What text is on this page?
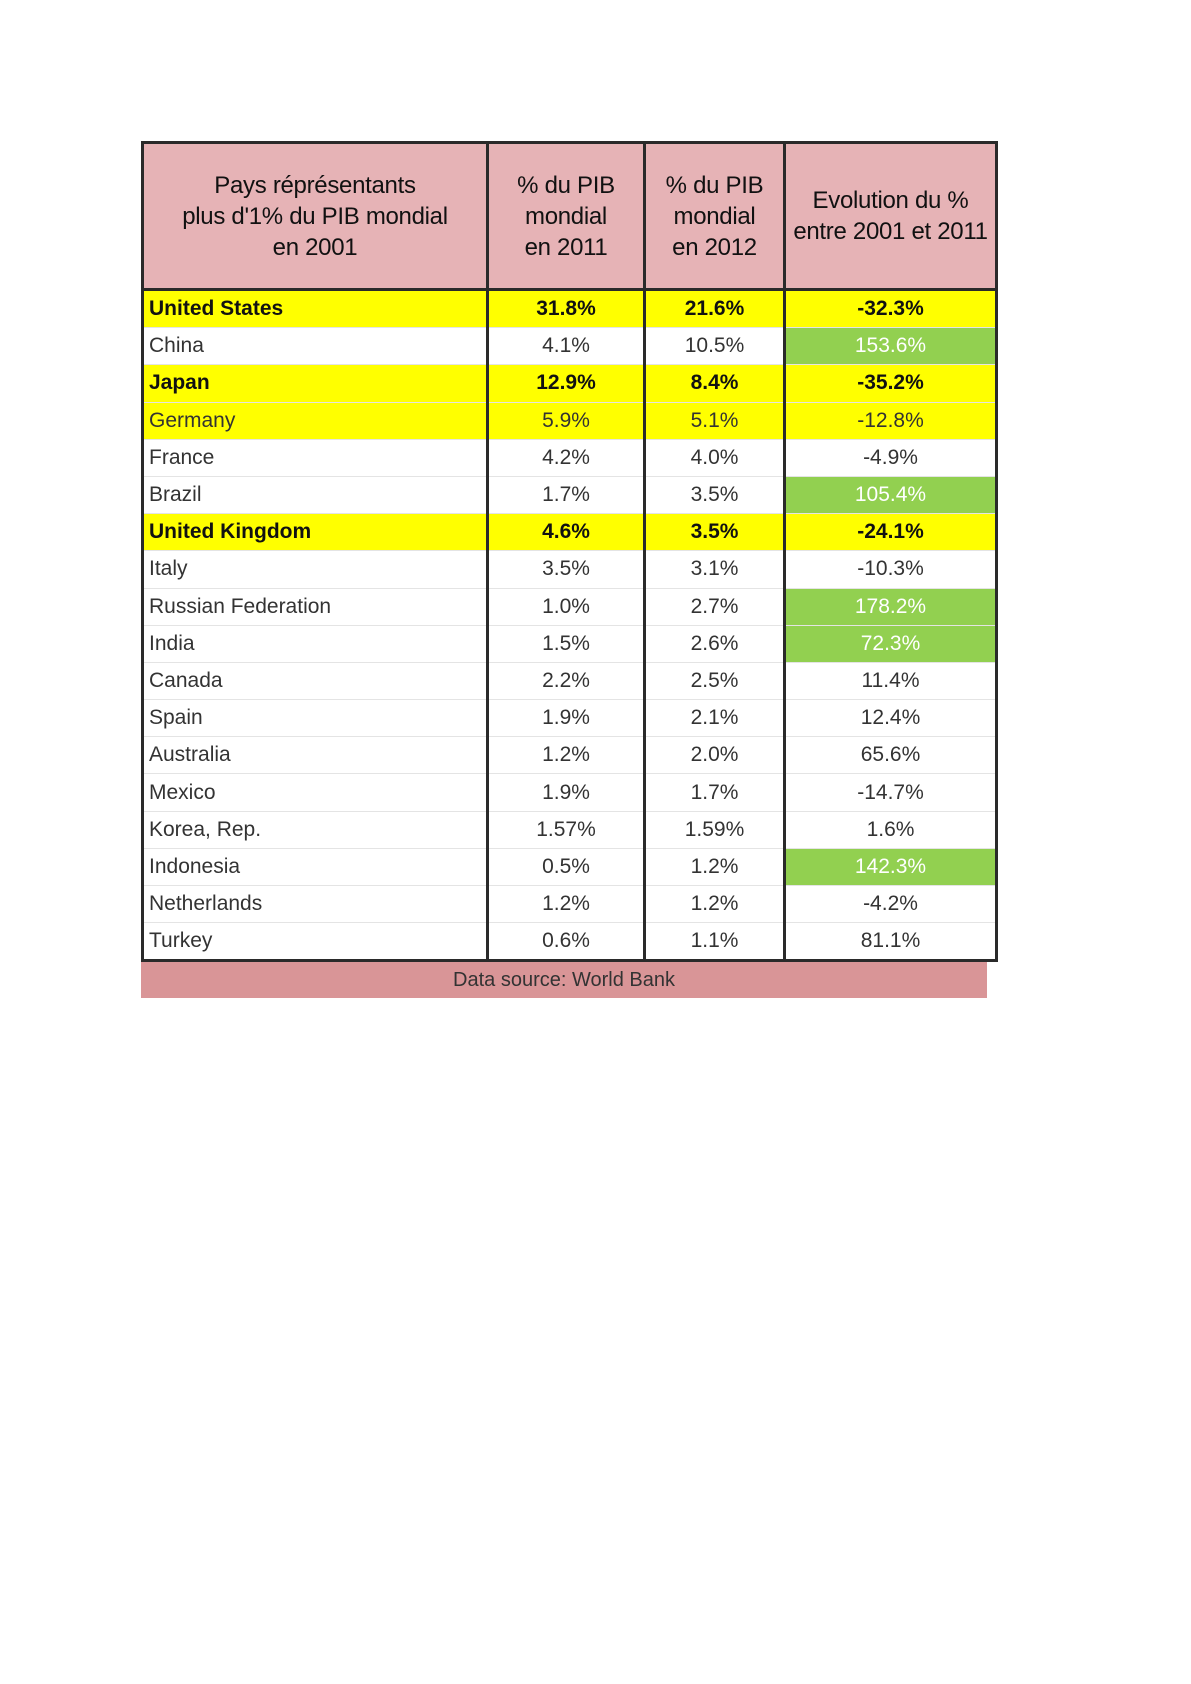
Pays réprésentants
plus d'1% du PIB mondial
en 2001	% du PIB
mondial
en 2011	% du PIB
mondial
en 2012	Evolution du %
entre 2001 et 2011
United States	31.8%	21.6%	-32.3%
China	4.1%	10.5%	153.6%
Japan	12.9%	8.4%	-35.2%
Germany	5.9%	5.1%	-12.8%
France	4.2%	4.0%	-4.9%
Brazil	1.7%	3.5%	105.4%
United Kingdom	4.6%	3.5%	-24.1%
Italy	3.5%	3.1%	-10.3%
Russian Federation	1.0%	2.7%	178.2%
India	1.5%	2.6%	72.3%
Canada	2.2%	2.5%	11.4%
Spain	1.9%	2.1%	12.4%
Australia	1.2%	2.0%	65.6%
Mexico	1.9%	1.7%	-14.7%
Korea, Rep.	1.57%	1.59%	1.6%
Indonesia	0.5%	1.2%	142.3%
Netherlands	1.2%	1.2%	-4.2%
Turkey	0.6%	1.1%	81.1%
Data source: World Bank
